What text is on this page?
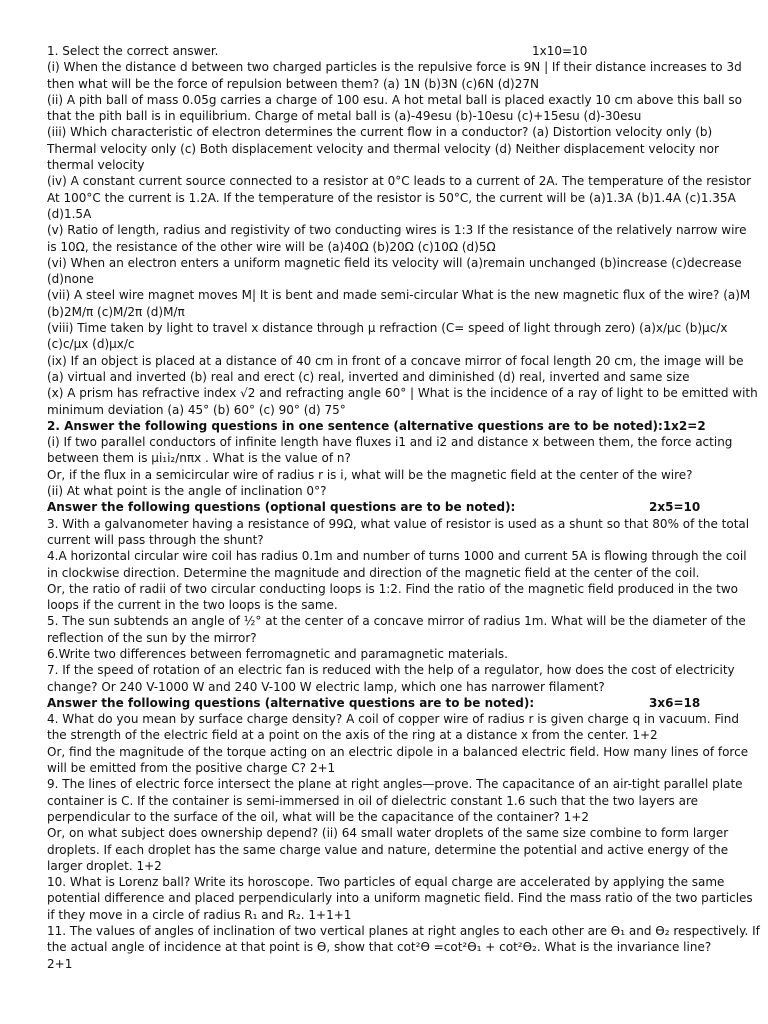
1. Select the correct answer.	1x10=10
(i) When the distance d between two charged particles is the repulsive force is 9N | If their distance increases to 3d
then what will be the force of repulsion between them? (a) 1N (b)3N (c)6N (d)27N
(ii) A pith ball of mass 0.05g carries a charge of 100 esu. A hot metal ball is placed exactly 10 cm above this ball so
that the pith ball is in equilibrium. Charge of metal ball is (a)-49esu (b)-10esu (c)+15esu (d)-30esu
(iii) Which characteristic of electron determines the current flow in a conductor? (a) Distortion velocity only (b)
Thermal velocity only (c) Both displacement velocity and thermal velocity (d) Neither displacement velocity nor
thermal velocity
(iv) A constant current source connected to a resistor at 0°C leads to a current of 2A. The temperature of the resistor
At 100°C the current is 1.2A. If the temperature of the resistor is 50°C, the current will be (a)1.3A (b)1.4A (c)1.35A
(d)1.5A
(v) Ratio of length, radius and registivity of two conducting wires is 1:3 If the resistance of the relatively narrow wire
is 10Ω, the resistance of the other wire will be (a)40Ω (b)20Ω (c)10Ω (d)5Ω
(vi) When an electron enters a uniform magnetic field its velocity will (a)remain unchanged (b)increase (c)decrease
(d)none
(vii) A steel wire magnet moves M| It is bent and made semi-circular What is the new magnetic flux of the wire? (a)M
(b)2M/π (c)M/2π (d)M/π
(viii) Time taken by light to travel x distance through μ refraction (C= speed of light through zero) (a)x/μc (b)μc/x
(c)c/μx (d)μx/c
(ix) If an object is placed at a distance of 40 cm in front of a concave mirror of focal length 20 cm, the image will be
(a) virtual and inverted (b) real and erect (c) real, inverted and diminished (d) real, inverted and same size
(x) A prism has refractive index √2 and refracting angle 60° | What is the incidence of a ray of light to be emitted with
minimum deviation (a) 45° (b) 60° (c) 90° (d) 75°
2. Answer the following questions in one sentence (alternative questions are to be noted):1x2=2
(i) If two parallel conductors of infinite length have fluxes i1 and i2 and distance x between them, the force acting
between them is μi₁i₂/nπx . What is the value of n?
Or, if the flux in a semicircular wire of radius r is i, what will be the magnetic field at the center of the wire?
(ii) At what point is the angle of inclination 0°?
Answer the following questions (optional questions are to be noted):	2x5=10
3. With a galvanometer having a resistance of 99Ω, what value of resistor is used as a shunt so that 80% of the total
current will pass through the shunt?
4.A horizontal circular wire coil has radius 0.1m and number of turns 1000 and current 5A is flowing through the coil
in clockwise direction. Determine the magnitude and direction of the magnetic field at the center of the coil.
Or, the ratio of radii of two circular conducting loops is 1:2. Find the ratio of the magnetic field produced in the two
loops if the current in the two loops is the same.
5. The sun subtends an angle of ½° at the center of a concave mirror of radius 1m. What will be the diameter of the
reflection of the sun by the mirror?
6.Write two differences between ferromagnetic and paramagnetic materials.
7. If the speed of rotation of an electric fan is reduced with the help of a regulator, how does the cost of electricity
change? Or 240 V-1000 W and 240 V-100 W electric lamp, which one has narrower filament?
Answer the following questions (alternative questions are to be noted):	3x6=18
4. What do you mean by surface charge density? A coil of copper wire of radius r is given charge q in vacuum. Find
the strength of the electric field at a point on the axis of the ring at a distance x from the center. 1+2
Or, find the magnitude of the torque acting on an electric dipole in a balanced electric field. How many lines of force
will be emitted from the positive charge C? 2+1
9. The lines of electric force intersect the plane at right angles—prove. The capacitance of an air-tight parallel plate
container is C. If the container is semi-immersed in oil of dielectric constant 1.6 such that the two layers are
perpendicular to the surface of the oil, what will be the capacitance of the container? 1+2
Or, on what subject does ownership depend? (ii) 64 small water droplets of the same size combine to form larger
droplets. If each droplet has the same charge value and nature, determine the potential and active energy of the
larger droplet. 1+2
10. What is Lorenz ball? Write its horoscope. Two particles of equal charge are accelerated by applying the same
potential difference and placed perpendicularly into a uniform magnetic field. Find the mass ratio of the two particles
if they move in a circle of radius R₁ and R₂. 1+1+1
11. The values of angles of inclination of two vertical planes at right angles to each other are ϴ₁ and ϴ₂ respectively. If
the actual angle of incidence at that point is ϴ, show that cot²ϴ =cot²ϴ₁ + cot²ϴ₂. What is the invariance line?
2+1
